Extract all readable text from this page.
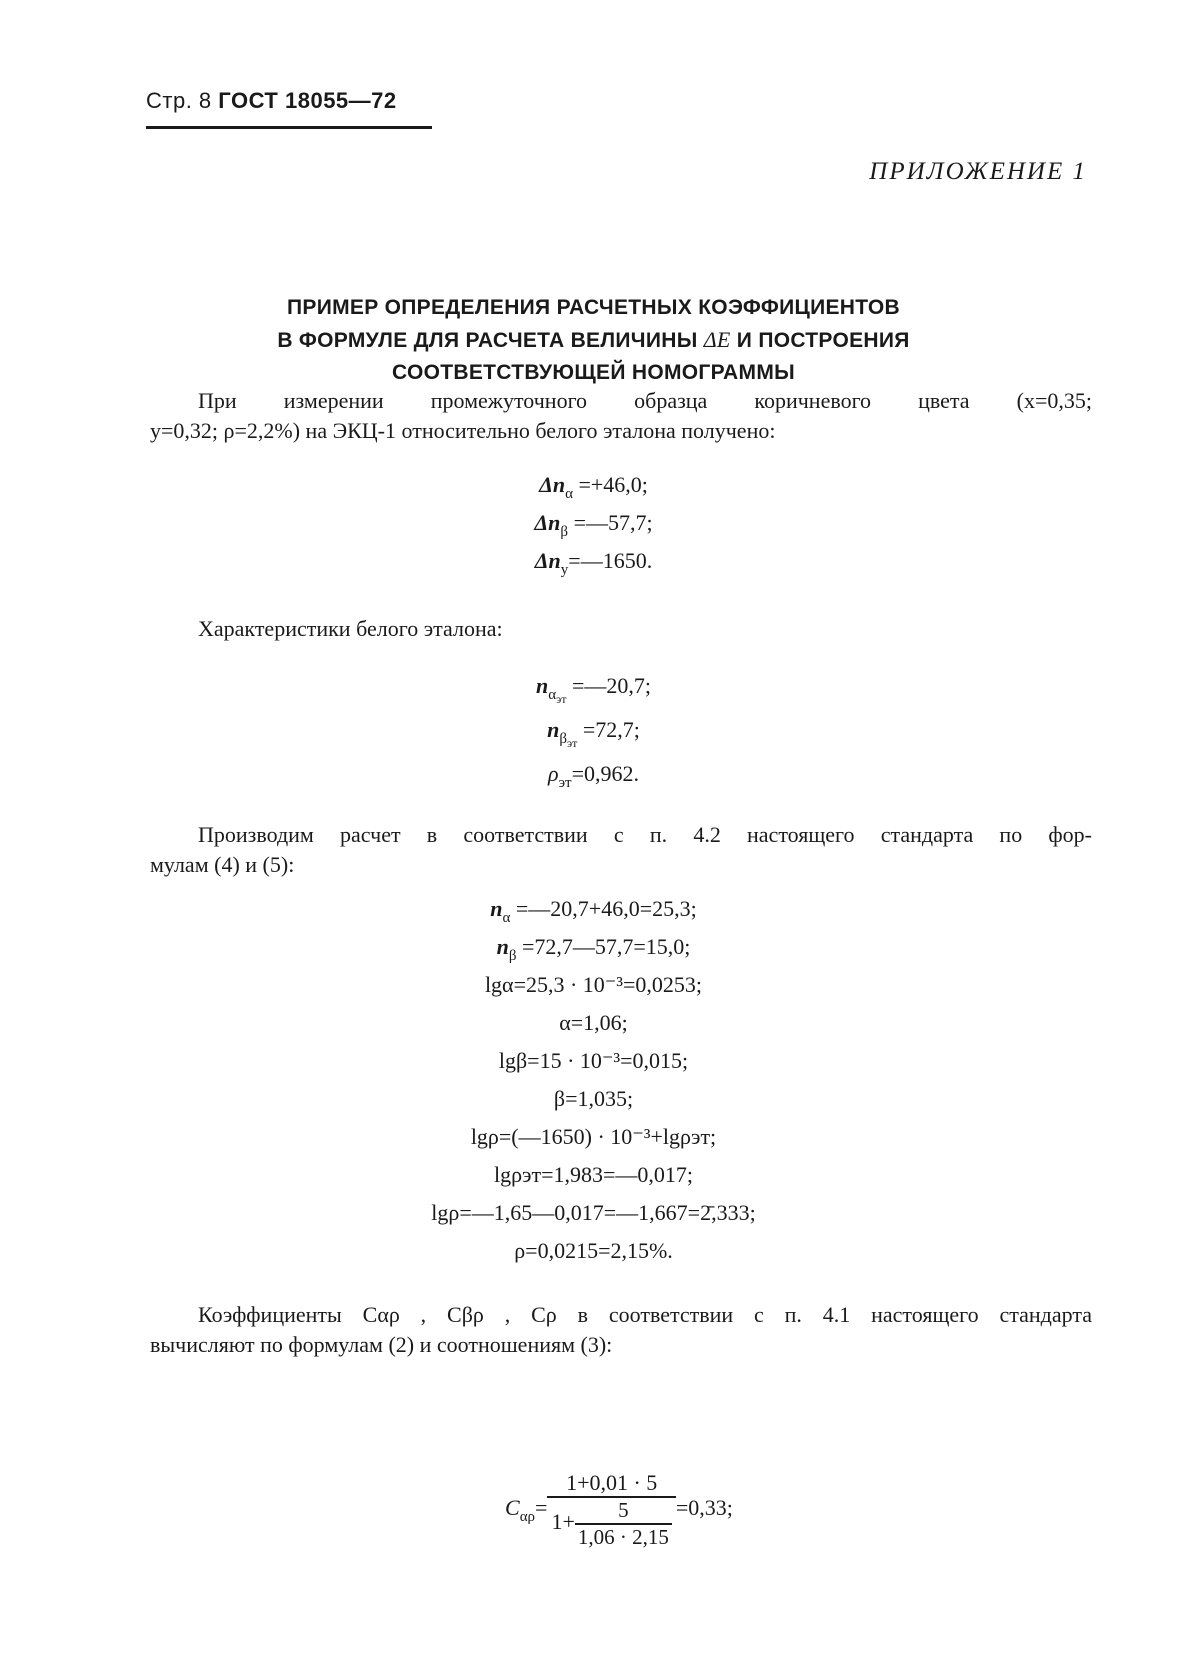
Стр. 8 ГОСТ 18055—72
ПРИЛОЖЕНИЕ 1
ПРИМЕР ОПРЕДЕЛЕНИЯ РАСЧЕТНЫХ КОЭФФИЦИЕНТОВ
В ФОРМУЛЕ ДЛЯ РАСЧЕТА ВЕЛИЧИНЫ ΔE И ПОСТРОЕНИЯ
СООТВЕТСТВУЮЩЕЙ НОМОГРАММЫ
При измерении промежуточного образца коричневого цвета (x=0,35;
y=0,32; ρ=2,2%) на ЭКЦ-1 относительно белого эталона получено:
$\Delta n_\alpha =+46,0$;
$\Delta n_\beta$ =—57,7;
$\Delta n_у=—1650$.
Характеристики белого эталона:
$n_{\alpha эт}$ =—20,7;
$n_{\beta эт} =72,7$;
$\rho_{эт}=0,962$.
Производим расчет в соответствии с п. 4.2 настоящего стандарта по фор-
мулам (4) и (5):
$n_\alpha$ =—20,7+46,0=25,3;
$n_\beta$ =72,7—57,7=15,0;
lgα=25,3 · 10⁻³=0,0253;
α=1,06;
lgβ=15 · 10⁻³=0,015;
β=1,035;
lgρ=(—1650) · 10⁻³+lgρэт;
lgρэт=1,983=—0,017;
lgρ=—1,65—0,017=—1,667=2̄,333;
ρ=0,0215=2,15%.
Коэффициенты Cαρ , Cβρ , Cρ в соответствии с п. 4.1 настоящего стандарта
вычисляют по формулам (2) и соотношениям (3):
$C_{\alpha\rho}= \frac{1+0,01 \cdot 5}{1+ \frac{5}{1,06 \cdot 2,15}} =0,33$;
